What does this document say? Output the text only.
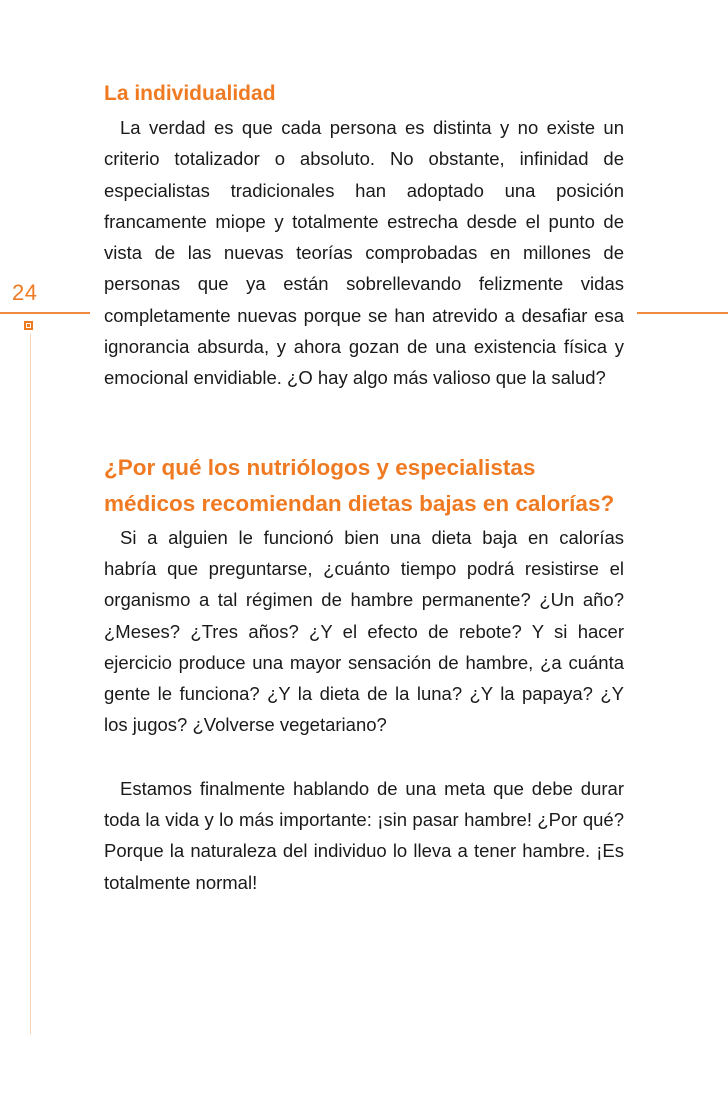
24
La individualidad

La verdad es que cada persona es distinta y no existe un criterio totalizador o absoluto. No obstante, infinidad de especialistas tradicionales han adoptado una posición francamente miope y totalmente estrecha desde el punto de vista de las nuevas teorías comprobadas en millones de personas que ya están sobrellevando felizmente vidas completamente nuevas porque se han atrevido a desafiar esa ignorancia absurda, y ahora gozan de una existencia física y emocional envidiable. ¿O hay algo más valioso que la salud?

¿Por qué los nutriólogos y especialistas médicos recomiendan dietas bajas en calorías?

Si a alguien le funcionó bien una dieta baja en calorías habría que preguntarse, ¿cuánto tiempo podrá resistirse el organismo a tal régimen de hambre permanente? ¿Un año? ¿Meses? ¿Tres años? ¿Y el efecto de rebote? Y si hacer ejercicio produce una mayor sensación de hambre, ¿a cuánta gente le funciona? ¿Y la dieta de la luna? ¿Y la papaya? ¿Y los jugos? ¿Volverse vegetariano?

Estamos finalmente hablando de una meta que debe durar toda la vida y lo más importante: ¡sin pasar hambre! ¿Por qué? Porque la naturaleza del individuo lo lleva a tener hambre. ¡Es totalmente normal!
